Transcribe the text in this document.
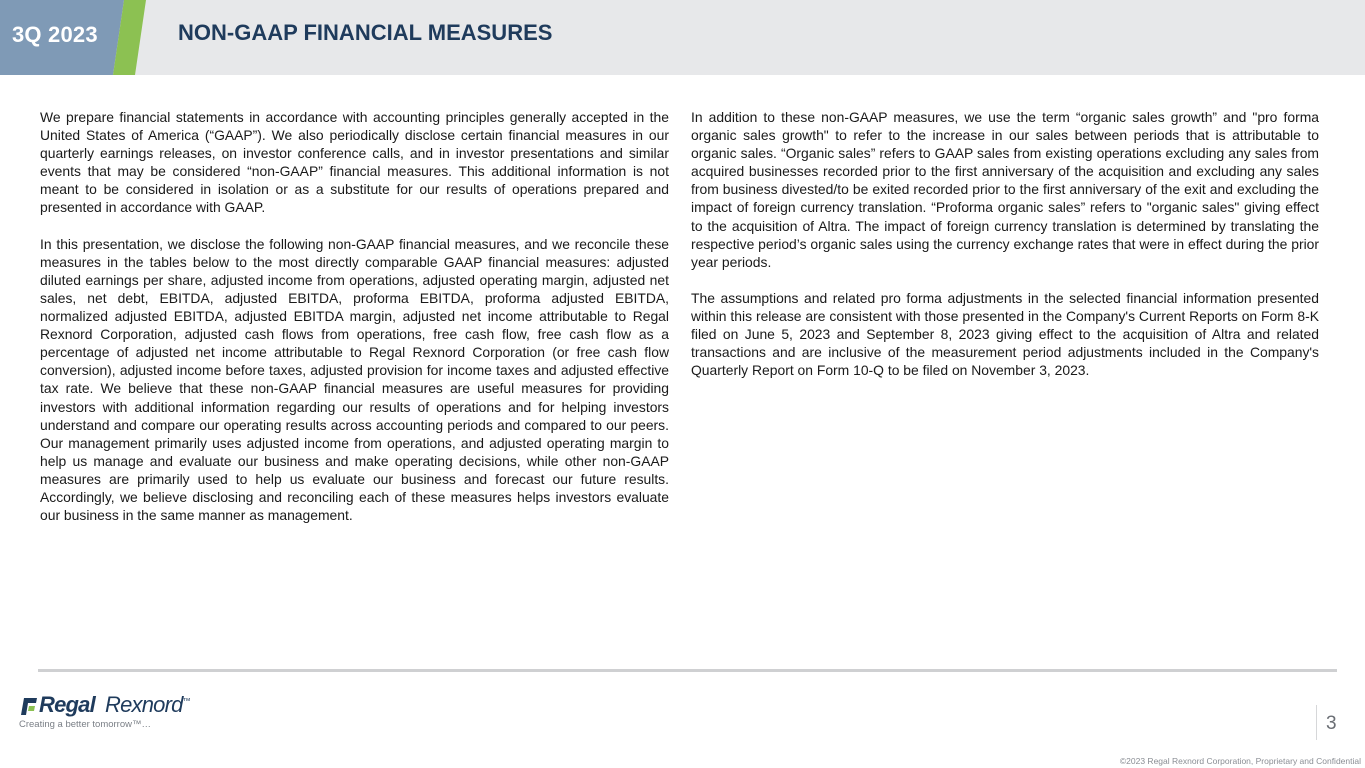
3Q 2023	NON-GAAP FINANCIAL MEASURES

We prepare financial statements in accordance with accounting principles generally accepted in the United States of America (“GAAP”). We also periodically disclose certain financial measures in our quarterly earnings releases, on investor conference calls, and in investor presentations and similar events that may be considered “non-GAAP” financial measures. This additional information is not meant to be considered in isolation or as a substitute for our results of operations prepared and presented in accordance with GAAP.

In this presentation, we disclose the following non-GAAP financial measures, and we reconcile these measures in the tables below to the most directly comparable GAAP financial measures: adjusted diluted earnings per share, adjusted income from operations, adjusted operating margin, adjusted net sales, net debt, EBITDA, adjusted EBITDA, proforma EBITDA, proforma adjusted EBITDA, normalized adjusted EBITDA, adjusted EBITDA margin, adjusted net income attributable to Regal Rexnord Corporation, adjusted cash flows from operations, free cash flow, free cash flow as a percentage of adjusted net income attributable to Regal Rexnord Corporation (or free cash flow conversion), adjusted income before taxes, adjusted provision for income taxes and adjusted effective tax rate. We believe that these non-GAAP financial measures are useful measures for providing investors with additional information regarding our results of operations and for helping investors understand and compare our operating results across accounting periods and compared to our peers. Our management primarily uses adjusted income from operations, and adjusted operating margin to help us manage and evaluate our business and make operating decisions, while other non-GAAP measures are primarily used to help us evaluate our business and forecast our future results. Accordingly, we believe disclosing and reconciling each of these measures helps investors evaluate our business in the same manner as management.

In addition to these non-GAAP measures, we use the term “organic sales growth” and "pro forma organic sales growth" to refer to the increase in our sales between periods that is attributable to organic sales. “Organic sales” refers to GAAP sales from existing operations excluding any sales from acquired businesses recorded prior to the first anniversary of the acquisition and excluding any sales from business divested/to be exited recorded prior to the first anniversary of the exit and excluding the impact of foreign currency translation. “Proforma organic sales” refers to "organic sales" giving effect to the acquisition of Altra. The impact of foreign currency translation is determined by translating the respective period’s organic sales using the currency exchange rates that were in effect during the prior year periods.

The assumptions and related pro forma adjustments in the selected financial information presented within this release are consistent with those presented in the Company's Current Reports on Form 8-K filed on June 5, 2023 and September 8, 2023 giving effect to the acquisition of Altra and related transactions and are inclusive of the measurement period adjustments included in the Company's Quarterly Report on Form 10-Q to be filed on November 3, 2023.

Regal Rexnord™
Creating a better tomorrow™…	3
©2023 Regal Rexnord Corporation, Proprietary and Confidential
